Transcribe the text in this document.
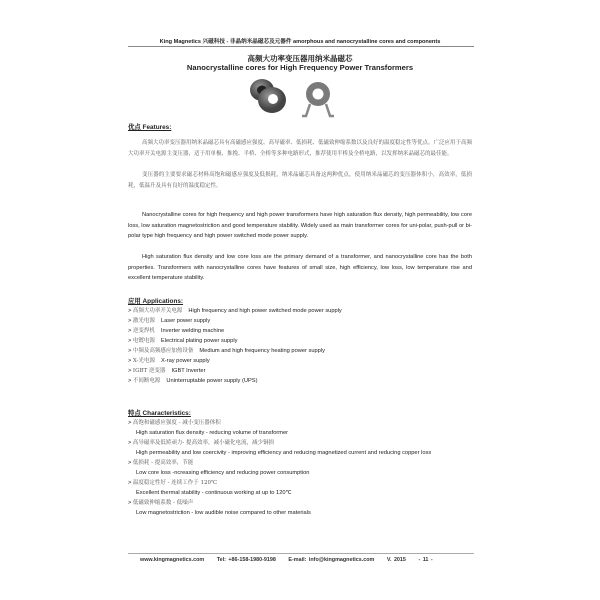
King Magnetics 兴磁科技 - 非晶纳米晶磁芯及元器件 amorphous and nanocrystalline cores and components
高频大功率变压器用纳米晶磁芯
Nanocrystalline cores for High Frequency Power Transformers
优点 Features:
高频大功率变压器用纳米晶磁芯具有高磁感应强度、高导磁率、低损耗、低磁致伸缩系数以及良好的温度稳定性等优点。广泛应用于高频大功率开关电源主变压器，适于用单极、推挽、半桥、全桥等多种电路形式，推荐使用半桥及全桥电路，以发挥纳米晶磁芯的最佳能。
变压器的主要要求磁芯材料高饱和磁感应强度及低损耗，纳米晶磁芯具备这两种优点，使用纳米晶磁芯的变压器体积小，高效率，低损耗，低温升及具有良好的温度稳定性。
Nanocrystalline cores for high frequency and high power transformers have high saturation flux density, high permeability, low core loss, low saturation magnetostriction and good temperature stability. Widely used as main transformer cores for uni-polar, push-pull or bi-polar type high frequency and high power switched mode power supply.
High saturation flux density and low core loss are the primary demand of a transformer, and nanocrystalline core has the both properties. Transformers with nanocrystalline cores have features of small size, high efficiency, low loss, low temperature rise and excellent temperature stability.
应用 Applications:
> 高频大功率开关电源 High frequency and high power switched mode power supply
> 激光电源 Laser power supply
> 逆变焊机 Inverter welding machine
> 电镀电源 Electrical plating power supply
> 中频及高频感应加热设备 Medium and high frequency heating power supply
> X-光电源 X-ray power supply
> IGBT 逆变器 IGBT Inverter
> 不间断电源 Uninterruptable power supply (UPS)
特点 Characteristics:
> 高饱和磁感应强度 - 减小变压器体积
High saturation flux density - reducing volume of transformer
> 高导磁率及低矫顽力- 提高效率，减小磁化电流，减少铜损
High permeability and low coercivity - improving efficiency and reducing magnetized current and reducing copper loss
> 低损耗 - 提高效率，节能
Low core loss -ncreasing efficiency and reducing power consumption
> 温度稳定性好 - 连续工作于 120℃
Excellent thermal stability - continuous working at up to 120℃
> 低磁致伸缩系数 - 低噪声
Low magnetostriction - low audible noise compared to other materials
www.kingmagnetics.com Tel: +86-158-1980-9198 E-mail: info@kingmagnetics.com V. 2015 - 11 -
